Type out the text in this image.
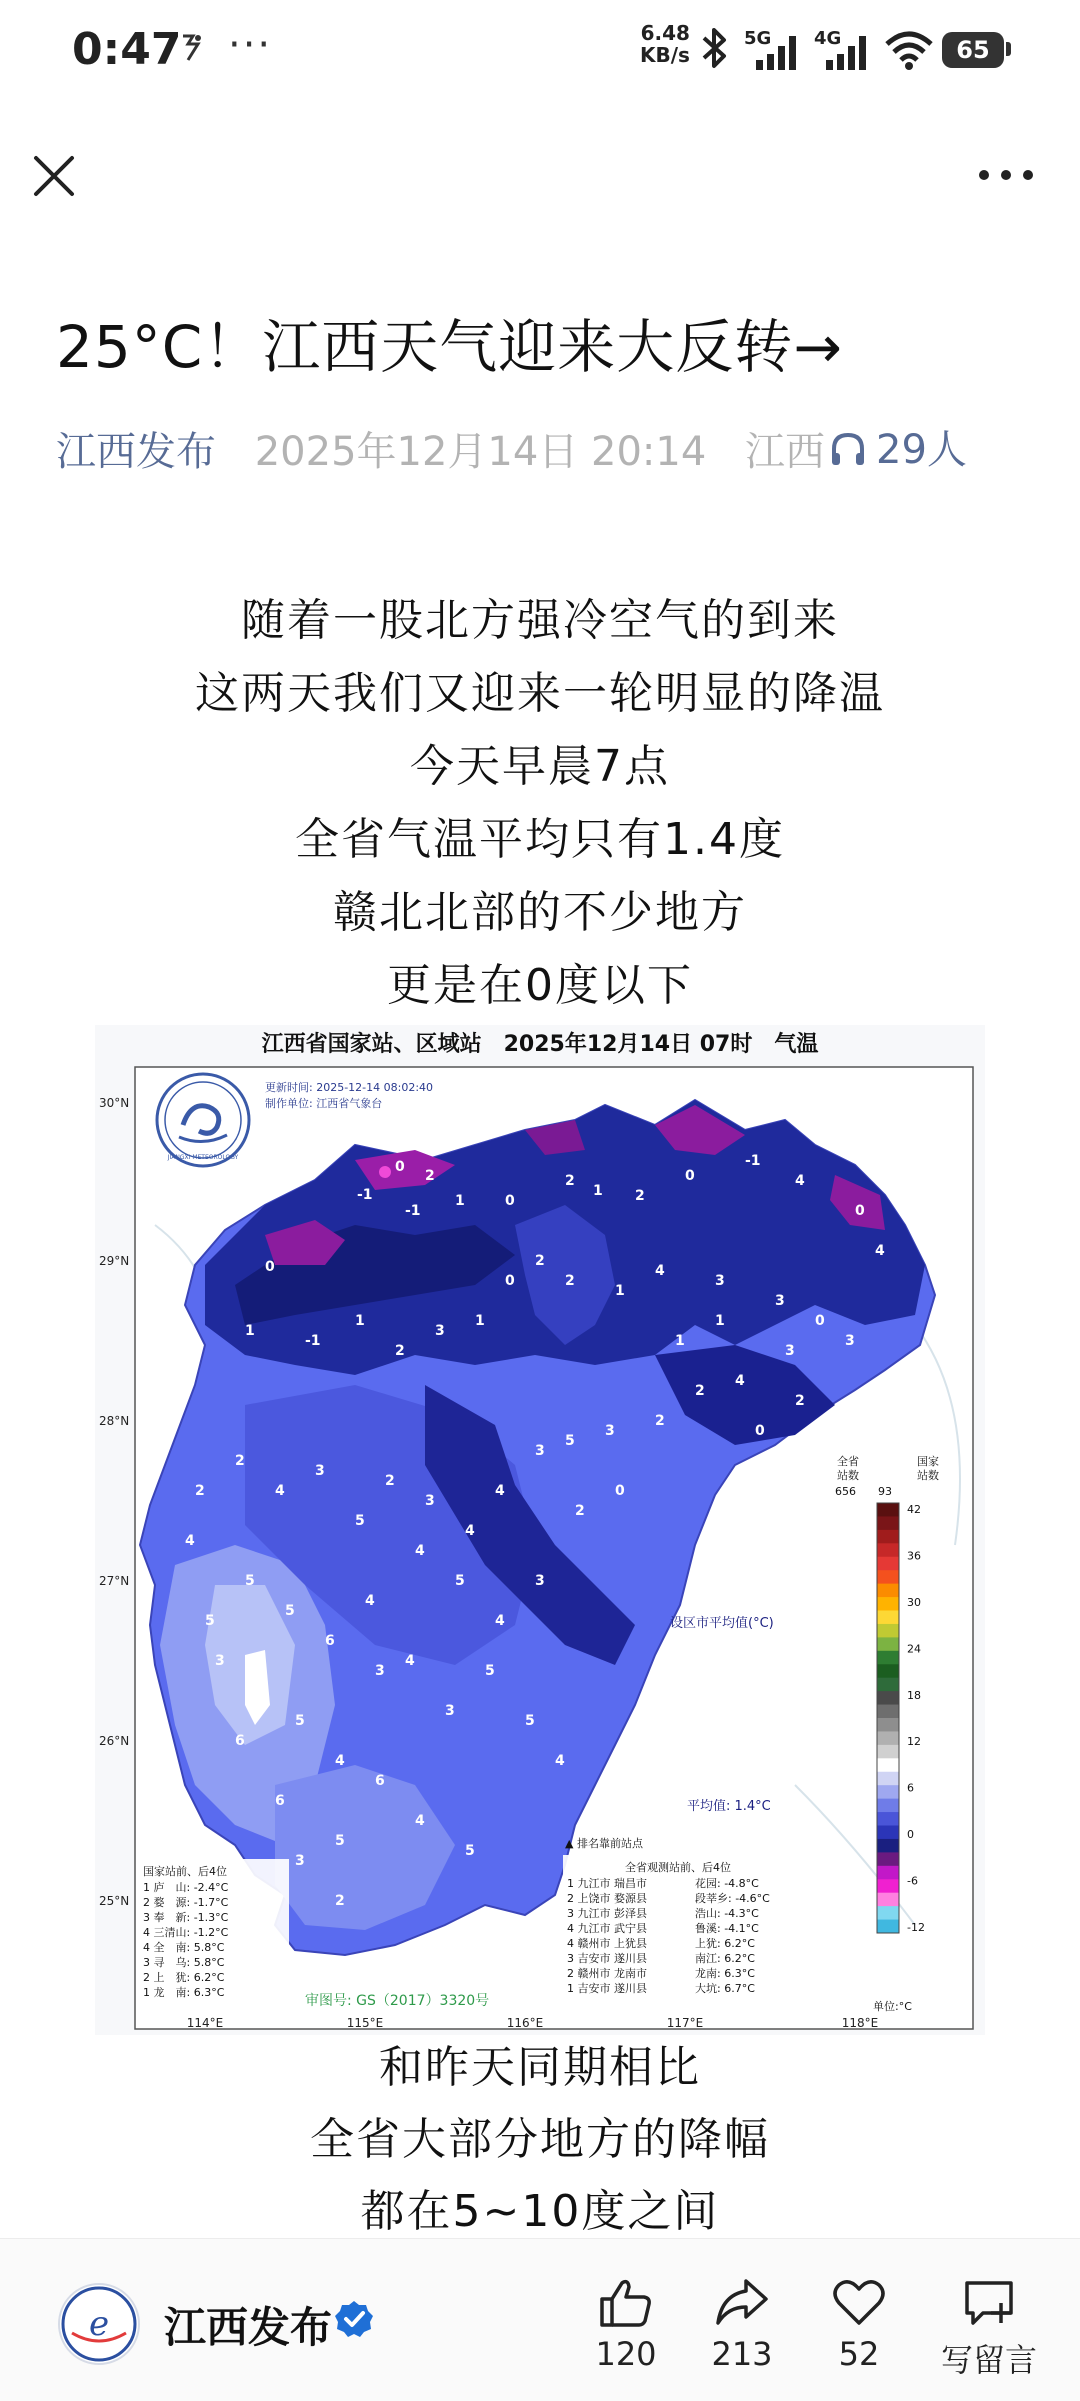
0:47 ···	6.48
KB/s
5G 4G	65
25°C！江西天气迎来大反转→
江西发布 2025年12月14日 20:14 江西	29人

随着一股北方强冷空气的到来

这两天我们又迎来一轮明显的降温

今天早晨7点

全省气温平均只有1.4度

赣北北部的不少地方

更是在0度以下

江西省国家站、区域站　2025年12月14日 07时　气温
30°N
29°N
28°N
27°N
26°N
25°N
114°E	115°E	116°E	117°E	118°E
JIANGXI METEOROLOGY
更新时间: 2025-12-14 08:02:40
制作单位: 江西省气象台
0
-1
0
2
-1
1	0
2
1 2
0
-1
4
0
4
1
-1
1
2
3
1
0
2
2
1
4
3
3
0
3
2
2
4
3
5
2
3
4
4
3
5
3
2
2
4
3
5
5
6
4
4
3
5
5
4
3
5
4
6
4
5
3
2
1
1
0
2
0
2
3
4
5
4
3
5
6
6
5
4
设区市平均值(°C)
平均值: 1.4°C
全省
站数
国家
站数
656 93
42
36
30
24
18
12
6
0
-6
-12
单位:°C
国家站前、后4位
1 庐　山: -2.4°C
2 婺　源: -1.7°C
3 奉　新: -1.3°C
4 三清山: -1.2°C
4 全　南: 5.8°C
3 寻　乌: 5.8°C
2 上　犹: 6.2°C
1 龙　南: 6.3°C
▲ 排名靠前站点
全省观测站前、后4位
1 九江市 瑞昌市	花园: -4.8°C
2 上饶市 婺源县	段莘乡: -4.6°C
3 九江市 彭泽县	浩山: -4.3°C
4 九江市 武宁县	鲁溪: -4.1°C
4 赣州市 上犹县	上犹: 6.2°C
3 吉安市 遂川县	南江: 6.2°C
2 赣州市 龙南市	龙南: 6.3°C
1 吉安市 遂川县	大坑: 6.7°C
审图号: GS（2017）3320号

和昨天同期相比

全省大部分地方的降幅

都在5~10度之间

e 江西发布
120	213	52	写留言
